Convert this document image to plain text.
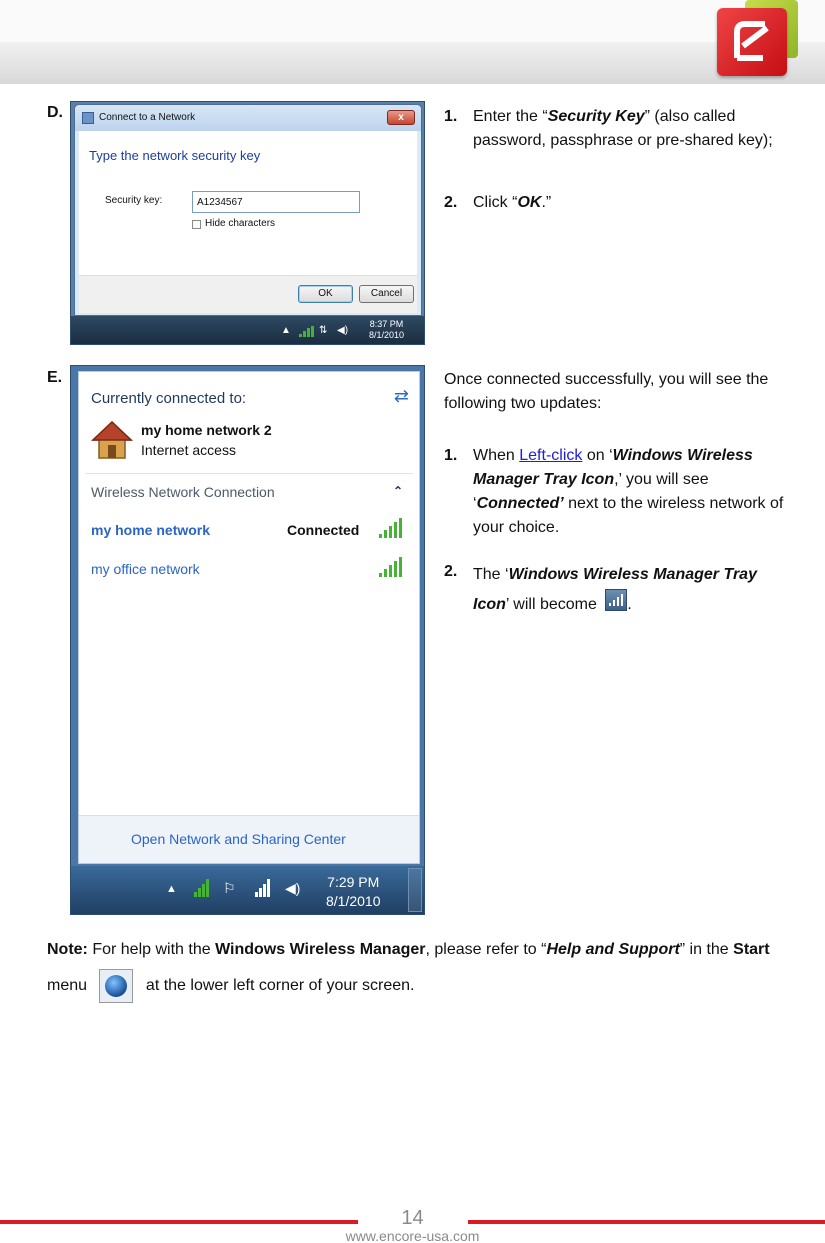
D.	Connect to a Network	x
Type the network security key
Security key:	A1234567
Hide characters
OK	Cancel
▲	⇅ ◀)
8:37 PM
8/1/2010
1. Enter the “Security Key” (also called password, passphrase or pre-shared key);
2. Click “OK.”
E.
Currently connected to:	⇄
my home network 2
Internet access
Wireless Network Connection	⌃
my home network	Connected
my office network
Open Network and Sharing Center
▲	⚐	◀) 7:29 PM
8/1/2010
Once connected successfully, you will see the following two updates:
1. When Left-click on ‘Windows Wireless Manager Tray Icon,’ you will see ‘Connected’ next to the wireless network of your choice.
2. The ‘Windows Wireless Manager Tray Icon’ will become
.
Note: For help with the Windows Wireless Manager, please refer to “Help and Support” in the Start menu	at the lower left corner of your screen.
14
www.encore-usa.com
